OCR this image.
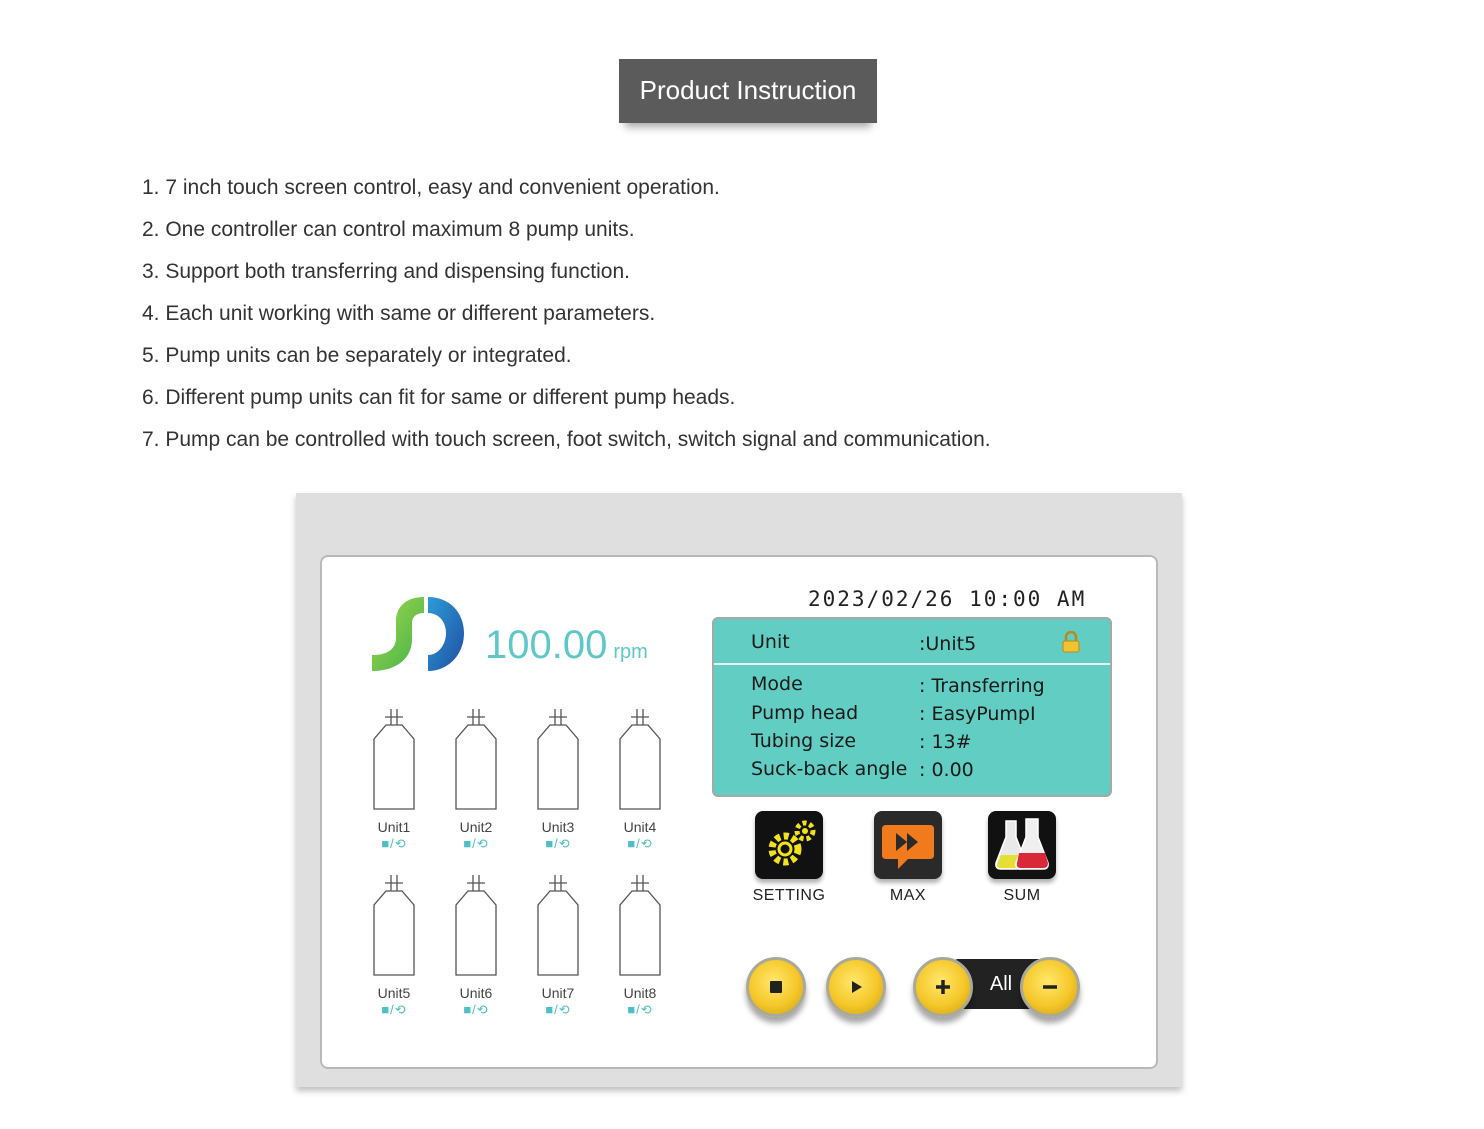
Product Instruction
1. 7 inch touch screen control, easy and convenient operation.
2. One controller can control maximum 8 pump units.
3. Support both transferring and dispensing function.
4. Each unit working with same or different parameters.
5. Pump units can be separately or integrated.
6. Different pump units can fit for same or different pump heads.
7. Pump can be controlled with touch screen, foot switch, switch signal and communication.
100.00 rpm
Unit1
■/⟲
Unit2
■/⟲
Unit3
■/⟲
Unit4
■/⟲
Unit5
■/⟲
Unit6
■/⟲
Unit7
■/⟲
Unit8
■/⟲
2023/02/26 10:00 AM
Unit	:Unit5
Mode	: Transferring
Pump head	: EasyPumpI
Tubing size	: 13#
Suck-back angle : 0.00
SETTING	MAX	SUM
All
